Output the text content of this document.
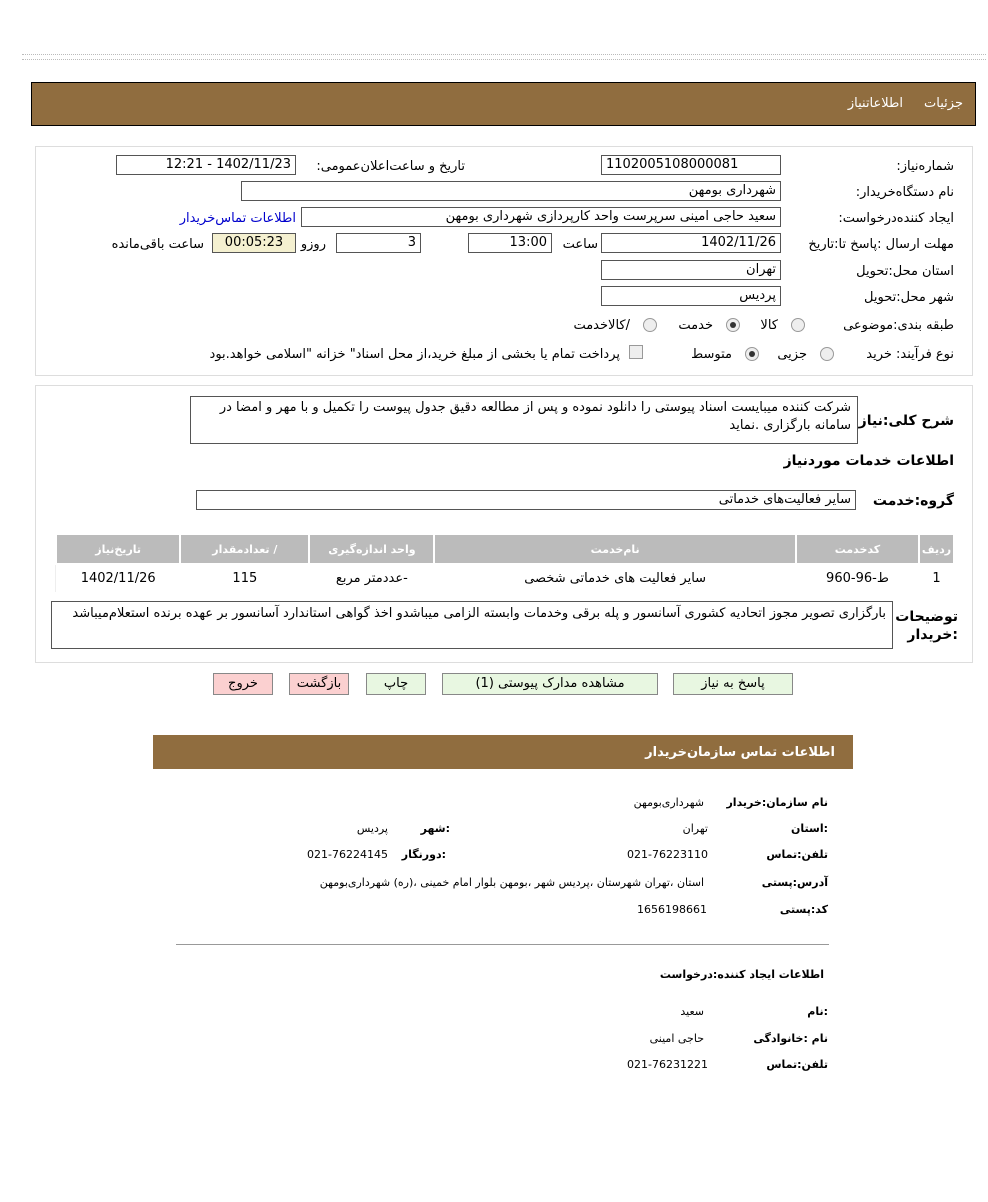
جزئیات
اطلاعاتنیاز
شماره‌نیاز:
1102005108000081
تاریخ و ساعت‌اعلان‌عمومی:
1402/11/23 - 12:21
نام دستگاه‌خریدار:
شهرداری بومهن
ایجاد کننده‌درخواست:
سعید حاجی امینی سرپرست واحد کارپردازی شهرداری بومهن
اطلاعات تماس‌خریدار
مهلت ارسال :پاسخ تا:تاریخ
1402/11/26
ساعت
13:00
3
روزو
00:05:23
ساعت باقی‌مانده
استان محل:تحویل
تهران
شهر محل:تحویل
پردیس
طبقه بندی:موضوعی
کالا
خدمت
/کالاخدمت
نوع فرآیند: خرید
جزیی
متوسط
پرداخت تمام یا بخشی از مبلغ خرید،از محل اسناد" خزانه "اسلامی خواهد.بود
شرح کلی:نیاز
شرکت کننده میبایست اسناد پیوستی را دانلود نموده و پس از مطالعه دقیق جدول پیوست را تکمیل و با مهر و امضا در سامانه بارگزاری .نماید
اطلاعات خدمات موردنیاز
گروه:خدمت
سایر فعالیت‌های خدماتی
ردیف	کدخدمت	نام‌خدمت	واحد اندازه‌گیری	/ تعدادمقدار	تاریخ‌نیاز
1	ط-96-960	سایر فعالیت های خدماتی شخصی	-عددمتر مربع	115	1402/11/26
توضیحات
:خریدار
بارگزاری تصویر مجوز اتحادیه کشوری آسانسور و پله برقی وخدمات وابسته الزامی میباشدو اخذ گواهی استاندارد آسانسور بر عهده برنده استعلام‌میباشد
پاسخ به نیاز
مشاهده مدارک پیوستی (1)
چاپ
بازگشت
خروج
اطلاعات تماس سازمان‌خریدار
نام سازمان:خریدار
شهرداری‌بومهن
:استان
تهران
:شهر
پردیس
تلفن:تماس
021-76223110
:دورنگار
021-76224145
آدرس:پستی
استان ،تهران شهرستان ،پردیس شهر ،بومهن بلوار امام خمینی ،(ره) شهرداری‌بومهن
کد:پستی
1656198661
اطلاعات ایجاد کننده:درخواست
:نام
سعید
نام :خانوادگی
حاجی امینی
تلفن:تماس
021-76231221
